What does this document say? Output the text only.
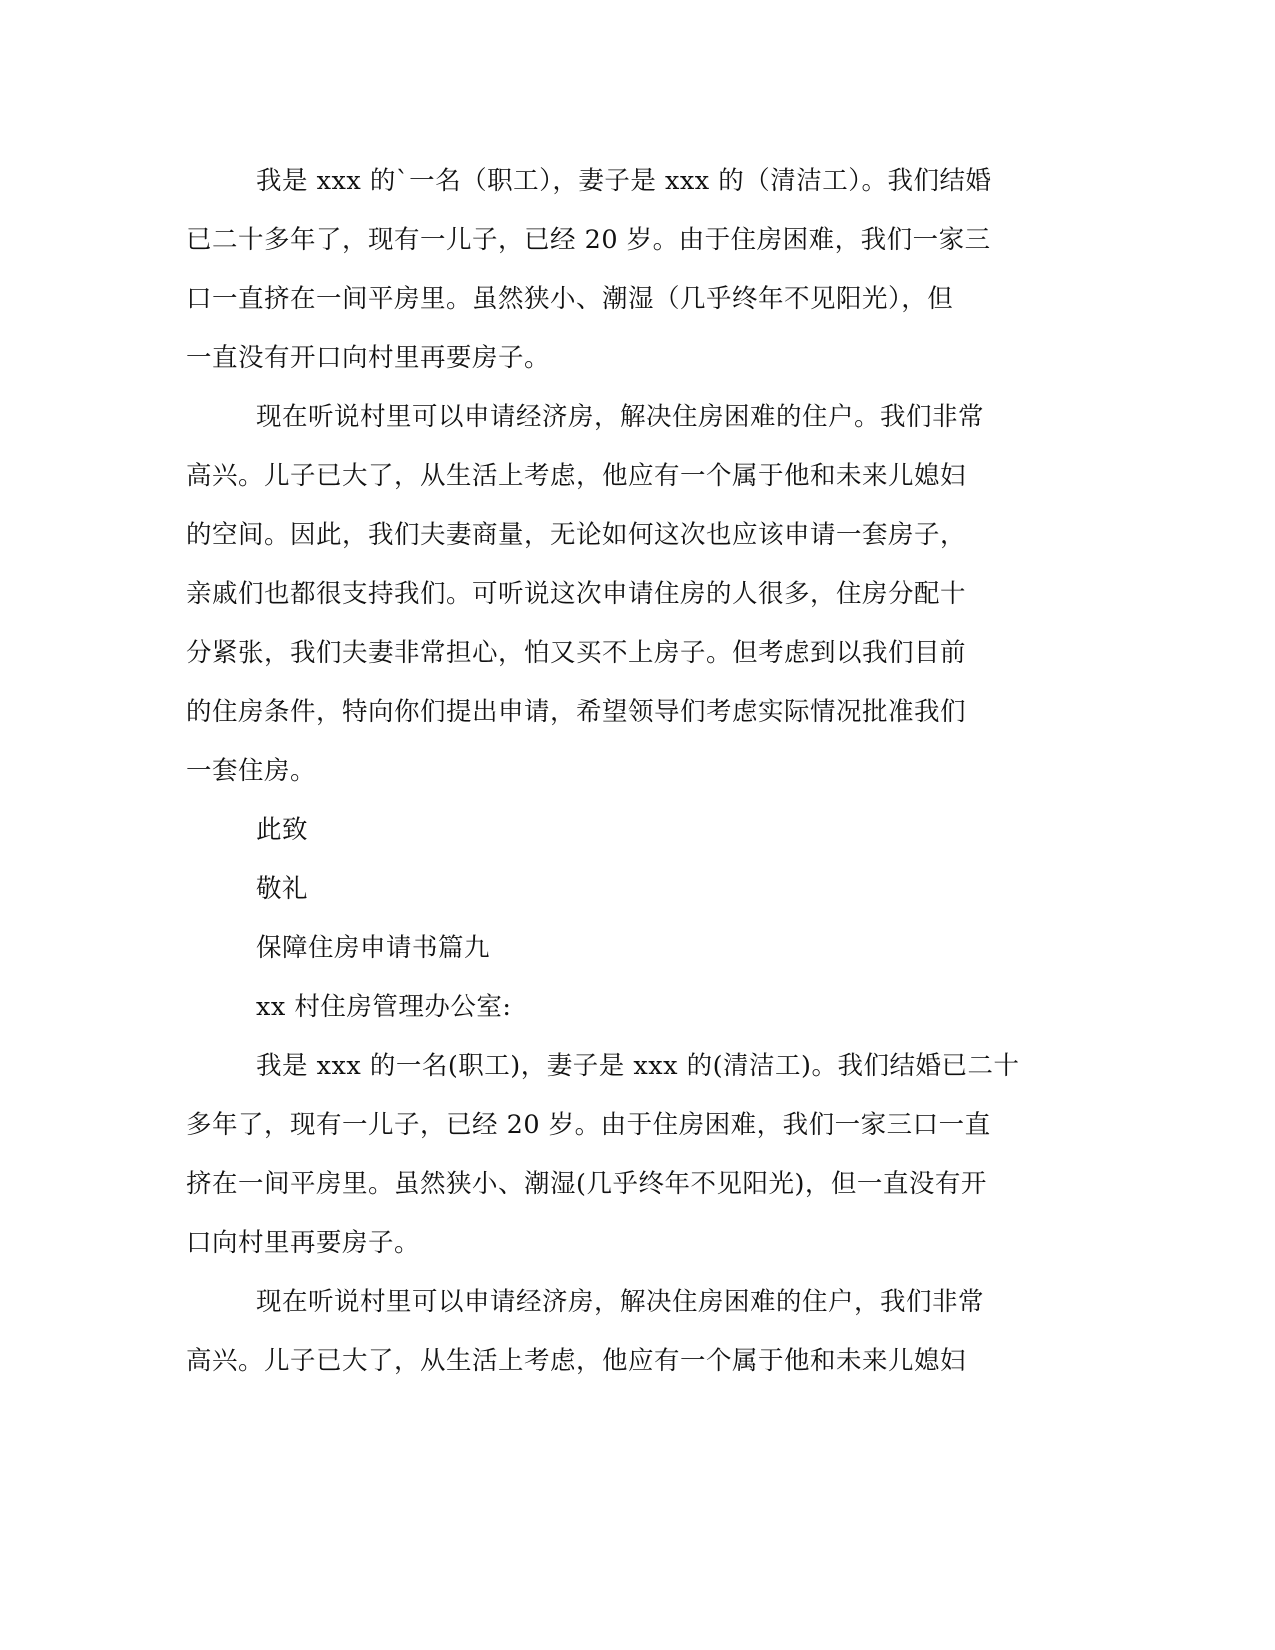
我是 xxx 的`一名（职工），妻子是 xxx 的（清洁工）。我们结婚
已二十多年了，现有一儿子，已经 20 岁。由于住房困难，我们一家三
口一直挤在一间平房里。虽然狭小、潮湿（几乎终年不见阳光），但
一直没有开口向村里再要房子。
现在听说村里可以申请经济房，解决住房困难的住户。我们非常
高兴。儿子已大了，从生活上考虑，他应有一个属于他和未来儿媳妇
的空间。因此，我们夫妻商量，无论如何这次也应该申请一套房子，
亲戚们也都很支持我们。可听说这次申请住房的人很多，住房分配十
分紧张，我们夫妻非常担心，怕又买不上房子。但考虑到以我们目前
的住房条件，特向你们提出申请，希望领导们考虑实际情况批准我们
一套住房。
此致
敬礼
保障住房申请书篇九
xx 村住房管理办公室:
我是 xxx 的一名(职工)，妻子是 xxx 的(清洁工)。我们结婚已二十
多年了，现有一儿子，已经 20 岁。由于住房困难，我们一家三口一直
挤在一间平房里。虽然狭小、潮湿(几乎终年不见阳光)，但一直没有开
口向村里再要房子。
现在听说村里可以申请经济房，解决住房困难的住户，我们非常
高兴。儿子已大了，从生活上考虑，他应有一个属于他和未来儿媳妇
